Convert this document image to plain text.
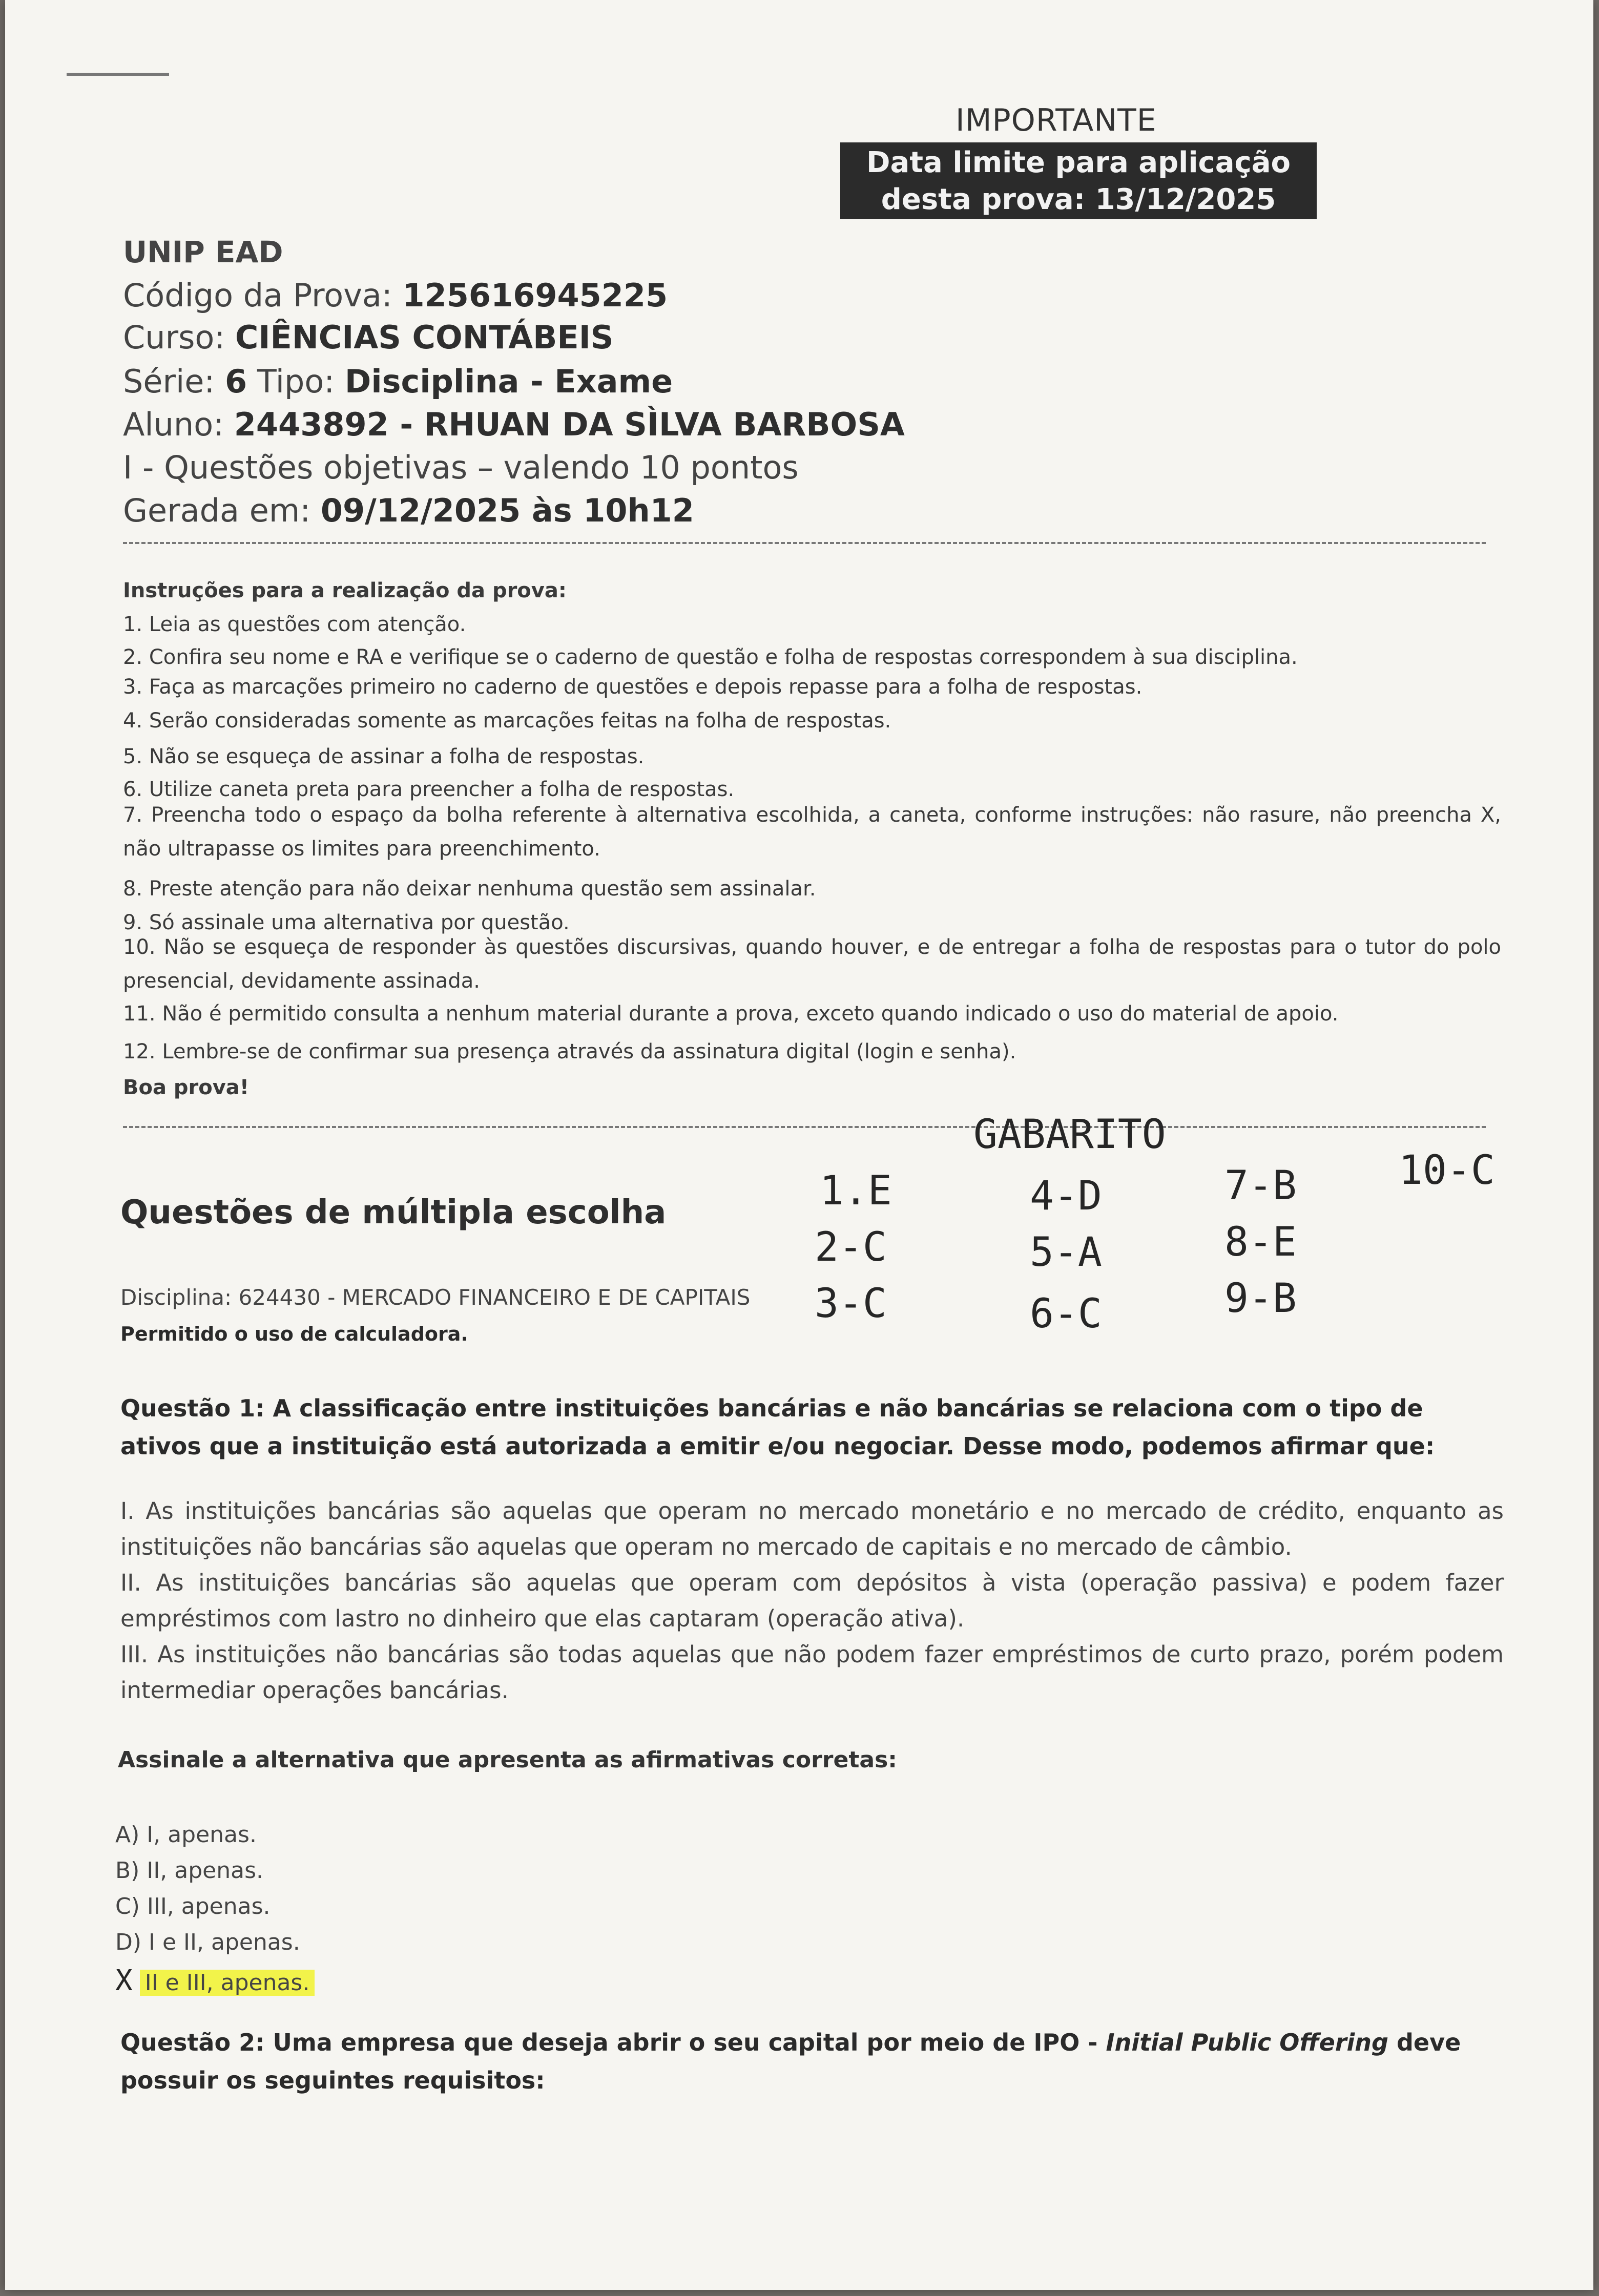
IMPORTANTE
Data limite para aplicação
desta prova: 13/12/2025
UNIP EAD
Código da Prova: 125616945225
Curso: CIÊNCIAS CONTÁBEIS
Série: 6 Tipo: Disciplina - Exame
Aluno: 2443892 - RHUAN DA SÌLVA BARBOSA
I - Questões objetivas – valendo 10 pontos
Gerada em: 09/12/2025 às 10h12
Instruções para a realização da prova:
1. Leia as questões com atenção.
2. Confira seu nome e RA e verifique se o caderno de questão e folha de respostas correspondem à sua disciplina.
3. Faça as marcações primeiro no caderno de questões e depois repasse para a folha de respostas.
4. Serão consideradas somente as marcações feitas na folha de respostas.
5. Não se esqueça de assinar a folha de respostas.
6. Utilize caneta preta para preencher a folha de respostas.
7. Preencha todo o espaço da bolha referente à alternativa escolhida, a caneta, conforme instruções: não rasure, não preencha X, não ultrapasse os limites para preenchimento.
8. Preste atenção para não deixar nenhuma questão sem assinalar.
9. Só assinale uma alternativa por questão.
10. Não se esqueça de responder às questões discursivas, quando houver, e de entregar a folha de respostas para o tutor do polo presencial, devidamente assinada.
11. Não é permitido consulta a nenhum material durante a prova, exceto quando indicado o uso do material de apoio.
12. Lembre-se de confirmar sua presença através da assinatura digital (login e senha).
Boa prova!
GABARITO
1.E
2-C
3-C
4-D
5-A
6-C
7-B
8-E
9-B
10-C
Questões de múltipla escolha
Disciplina: 624430 - MERCADO FINANCEIRO E DE CAPITAIS
Permitido o uso de calculadora.
Questão 1: A classificação entre instituições bancárias e não bancárias se relaciona com o tipo de ativos que a instituição está autorizada a emitir e/ou negociar. Desse modo, podemos afirmar que:
I. As instituições bancárias são aquelas que operam no mercado monetário e no mercado de crédito, enquanto as instituições não bancárias são aquelas que operam no mercado de capitais e no mercado de câmbio.
II. As instituições bancárias são aquelas que operam com depósitos à vista (operação passiva) e podem fazer empréstimos com lastro no dinheiro que elas captaram (operação ativa).
III. As instituições não bancárias são todas aquelas que não podem fazer empréstimos de curto prazo, porém podem intermediar operações bancárias.
Assinale a alternativa que apresenta as afirmativas corretas:
A) I, apenas.
B) II, apenas.
C) III, apenas.
D) I e II, apenas.
X II e III, apenas.
Questão 2: Uma empresa que deseja abrir o seu capital por meio de IPO - Initial Public Offering deve possuir os seguintes requisitos:
